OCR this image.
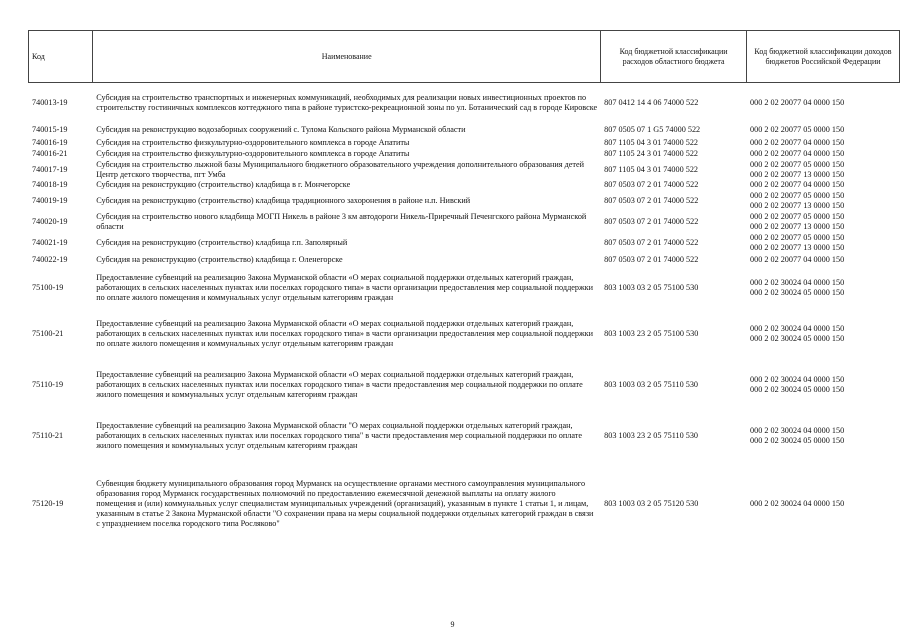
Код	Наименование	Код бюджетной классификации расходов областного бюджета	Код бюджетной классификации доходов бюджетов Российской Федерации
740013-19	Субсидия на строительство транспортных и инженерных коммуникаций, необходимых для реализации новых инвестиционных проектов по строительству гостиничных комплексов коттеджного типа в районе туристско-рекреационной зоны по ул. Ботанический сад в городе Кировске	807 0412 14 4 06 74000 522	000 2 02 20077 04 0000 150

740015-19	Субсидия на реконструкцию водозаборных сооружений с. Тулома Кольского района Мурманской области	807 0505 07 1 G5 74000 522	000 2 02 20077 05 0000 150

740016-19	Субсидия на строительство физкультурно-оздоровительного комплекса в городе Апатиты	807 1105 04 3 01 74000 522	000 2 02 20077 04 0000 150

740016-21	Субсидия на строительство физкультурно-оздоровительного комплекса в городе Апатиты	807 1105 24 3 01 74000 522	000 2 02 20077 04 0000 150

740017-19	Субсидия на строительство лыжной базы Муниципального бюджетного образовательного учреждения дополнительного образования детей Центр детского творчества, пгт Умба	807 1105 04 3 01 74000 522	000 2 02 20077 05 0000 150
000 2 02 20077 13 0000 150

740018-19	Субсидия на реконструкцию (строительство) кладбища в г. Мончегорске	807 0503 07 2 01 74000 522	000 2 02 20077 04 0000 150

740019-19	Субсидия на реконструкцию (строительство) кладбища традиционного захоронения в районе н.п. Нивский	807 0503 07 2 01 74000 522	000 2 02 20077 05 0000 150
000 2 02 20077 13 0000 150

740020-19	Субсидия на строительство нового кладбища МОГП Никель в районе 3 км автодороги Никель-Приречный Печенгского района Мурманской области	807 0503 07 2 01 74000 522	000 2 02 20077 05 0000 150
000 2 02 20077 13 0000 150

740021-19	Субсидия на реконструкцию (строительство) кладбища г.п. Заполярный	807 0503 07 2 01 74000 522	000 2 02 20077 05 0000 150
000 2 02 20077 13 0000 150

740022-19	Субсидия на реконструкцию (строительство) кладбища г. Оленегорске	807 0503 07 2 01 74000 522	000 2 02 20077 04 0000 150

75100-19	Предоставление субвенций на реализацию Закона Мурманской области «О мерах социальной поддержки отдельных категорий граждан, работающих в сельских населенных пунктах или поселках городского типа» в части организации предоставления мер социальной поддержки по оплате жилого помещения и коммунальных услуг отдельным категориям граждан	803 1003 03 2 05 75100 530	000 2 02 30024 04 0000 150
000 2 02 30024 05 0000 150

75100-21	Предоставление субвенций на реализацию Закона Мурманской области «О мерах социальной поддержки отдельных категорий граждан, работающих в сельских населенных пунктах или поселках городского типа» в части организации предоставления мер социальной поддержки по оплате жилого помещения и коммунальных услуг отдельным категориям граждан	803 1003 23 2 05 75100 530	000 2 02 30024 04 0000 150
000 2 02 30024 05 0000 150

75110-19	Предоставление субвенций на реализацию Закона Мурманской области «О мерах социальной поддержки отдельных категорий граждан, работающих в сельских населенных пунктах или поселках городского типа» в части предоставления мер социальной поддержки по оплате жилого помещения и коммунальных услуг отдельным категориям граждан	803 1003 03 2 05 75110 530	000 2 02 30024 04 0000 150
000 2 02 30024 05 0000 150

75110-21	Предоставление субвенций на реализацию Закона Мурманской области "О мерах социальной поддержки отдельных категорий граждан, работающих в сельских населенных пунктах или поселках городского типа" в части предоставления мер социальной поддержки по оплате жилого помещения и коммунальных услуг отдельным категориям граждан	803 1003 23 2 05 75110 530	000 2 02 30024 04 0000 150
000 2 02 30024 05 0000 150

75120-19	Субвенция бюджету муниципального образования город Мурманск на осуществление органами местного самоуправления муниципального образования город Мурманск государственных полномочий по предоставлению ежемесячной денежной выплаты на оплату жилого помещения и (или) коммунальных услуг специалистам муниципальных учреждений (организаций), указанным в пункте 1 статьи 1, и лицам, указанным в статье 2 Закона Мурманской области "О сохранении права на меры социальной поддержки отдельных категорий граждан в связи с упразднением поселка городского типа Росляково"	803 1003 03 2 05 75120 530	000 2 02 30024 04 0000 150
9
